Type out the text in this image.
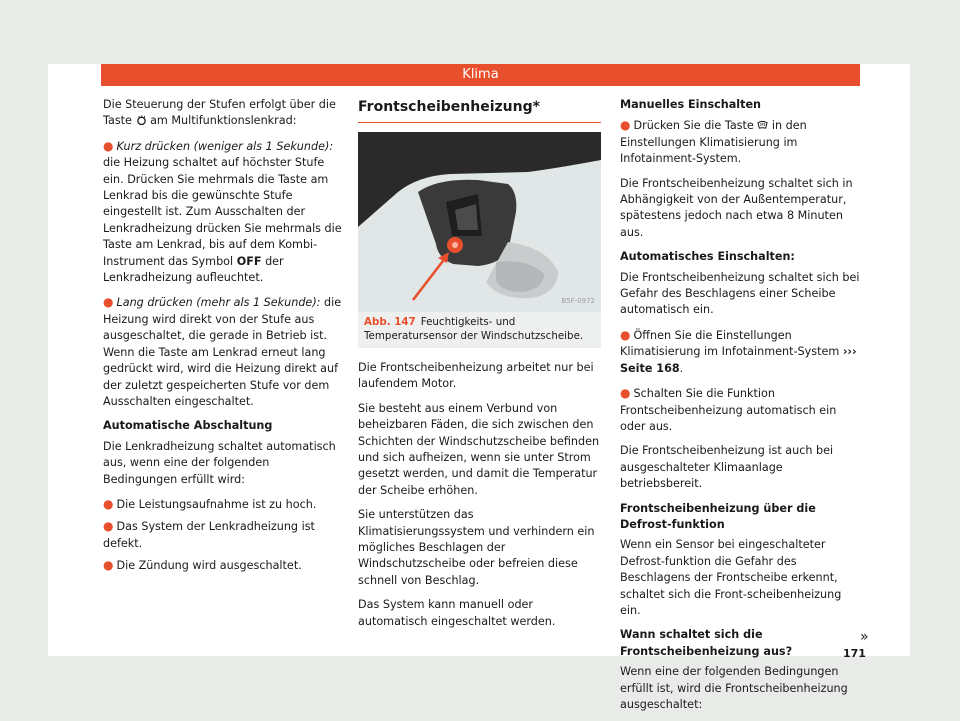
Klima

Die Steuerung der Stufen erfolgt über die Taste am Multifunktionslenkrad:

● Kurz drücken (weniger als 1 Sekunde): die Heizung schaltet auf höchster Stufe ein. Drücken Sie mehrmals die Taste am Lenkrad bis die gewünschte Stufe eingestellt ist. Zum Ausschalten der Lenkradheizung drücken Sie mehrmals die Taste am Lenkrad, bis auf dem Kombi-Instrument das Symbol OFF der Lenkradheizung aufleuchtet.

● Lang drücken (mehr als 1 Sekunde): die Heizung wird direkt von der Stufe aus ausgeschaltet, die gerade in Betrieb ist. Wenn die Taste am Lenkrad erneut lang gedrückt wird, wird die Heizung direkt auf der zuletzt gespeicherten Stufe vor dem Ausschalten eingeschaltet.

Automatische Abschaltung

Die Lenkradheizung schaltet automatisch aus, wenn eine der folgenden Bedingungen erfüllt wird:

● Die Leistungsaufnahme ist zu hoch.
● Das System der Lenkradheizung ist defekt.
● Die Zündung wird ausgeschaltet.
Frontscheibenheizung*
B5F-0972
Abb. 147 Feuchtigkeits- und Temperatursensor der Windschutzscheibe.

Die Frontscheibenheizung arbeitet nur bei laufendem Motor.

Sie besteht aus einem Verbund von beheizbaren Fäden, die sich zwischen den Schichten der Windschutzscheibe befinden und sich aufheizen, wenn sie unter Strom gesetzt werden, und damit die Temperatur der Scheibe erhöhen.

Sie unterstützen das Klimatisierungssystem und verhindern ein mögliches Beschlagen der Windschutzscheibe oder befreien diese schnell von Beschlag.

Das System kann manuell oder automatisch eingeschaltet werden.

Manuelles Einschalten

● Drücken Sie die Taste in den Einstellungen Klimatisierung im Infotainment-System.

Die Frontscheibenheizung schaltet sich in Abhängigkeit von der Außentemperatur, spätestens jedoch nach etwa 8 Minuten aus.

Automatisches Einschalten:

Die Frontscheibenheizung schaltet sich bei Gefahr des Beschlagens einer Scheibe automatisch ein.

● Öffnen Sie die Einstellungen Klimatisierung im Infotainment-System ››› Seite 168.

● Schalten Sie die Funktion Frontscheibenheizung automatisch ein oder aus.

Die Frontscheibenheizung ist auch bei ausgeschalteter Klimaanlage betriebsbereit.

Frontscheibenheizung über die Defrost-funktion

Wenn ein Sensor bei eingeschalteter Defrost-funktion die Gefahr des Beschlagens der Frontscheibe erkennt, schaltet sich die Front-scheibenheizung ein.

Wann schaltet sich die Frontscheibenheizung aus?

Wenn eine der folgenden Bedingungen erfüllt ist, wird die Frontscheibenheizung ausgeschaltet:

»
171
